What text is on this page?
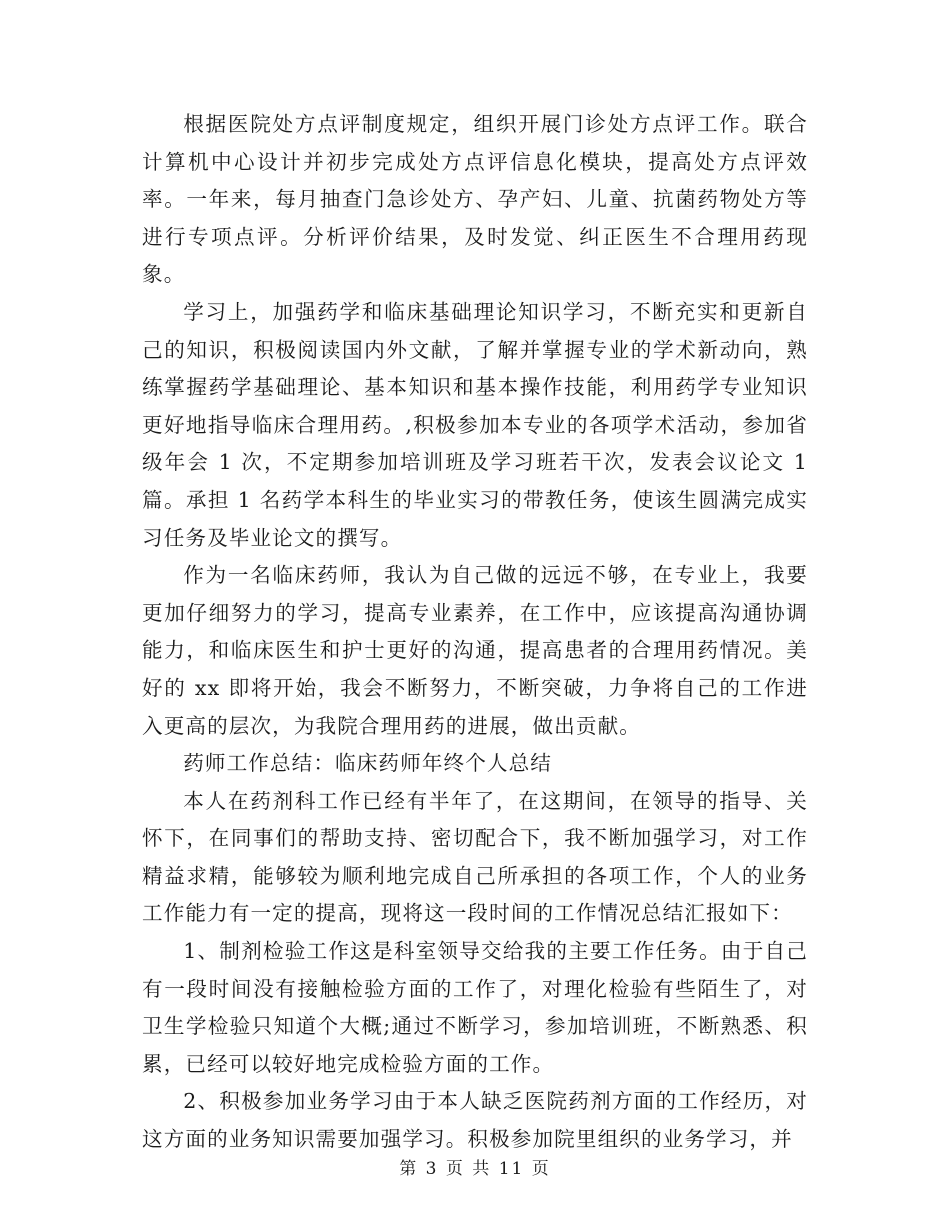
根据医院处方点评制度规定，组织开展门诊处方点评工作。联合计算机中心设计并初步完成处方点评信息化模块，提高处方点评效率。一年来，每月抽查门急诊处方、孕产妇、儿童、抗菌药物处方等进行专项点评。分析评价结果，及时发觉、纠正医生不合理用药现象。

学习上，加强药学和临床基础理论知识学习，不断充实和更新自己的知识，积极阅读国内外文献，了解并掌握专业的学术新动向，熟练掌握药学基础理论、基本知识和基本操作技能，利用药学专业知识更好地指导临床合理用药。,积极参加本专业的各项学术活动，参加省级年会 1 次，不定期参加培训班及学习班若干次，发表会议论文 1 篇。承担 1 名药学本科生的毕业实习的带教任务，使该生圆满完成实习任务及毕业论文的撰写。

作为一名临床药师，我认为自己做的远远不够，在专业上，我要更加仔细努力的学习，提高专业素养，在工作中，应该提高沟通协调能力，和临床医生和护士更好的沟通，提高患者的合理用药情况。美好的 xx 即将开始，我会不断努力，不断突破，力争将自己的工作进入更高的层次，为我院合理用药的进展，做出贡献。

药师工作总结：临床药师年终个人总结

本人在药剂科工作已经有半年了，在这期间，在领导的指导、关怀下，在同事们的帮助支持、密切配合下，我不断加强学习，对工作精益求精，能够较为顺利地完成自己所承担的各项工作，个人的业务工作能力有一定的提高，现将这一段时间的工作情况总结汇报如下：

1、制剂检验工作这是科室领导交给我的主要工作任务。由于自己有一段时间没有接触检验方面的工作了，对理化检验有些陌生了，对卫生学检验只知道个大概;通过不断学习，参加培训班，不断熟悉、积累，已经可以较好地完成检验方面的工作。

2、积极参加业务学习由于本人缺乏医院药剂方面的工作经历，对这方面的业务知识需要加强学习。积极参加院里组织的业务学习，并

第 3 页 共 11 页
